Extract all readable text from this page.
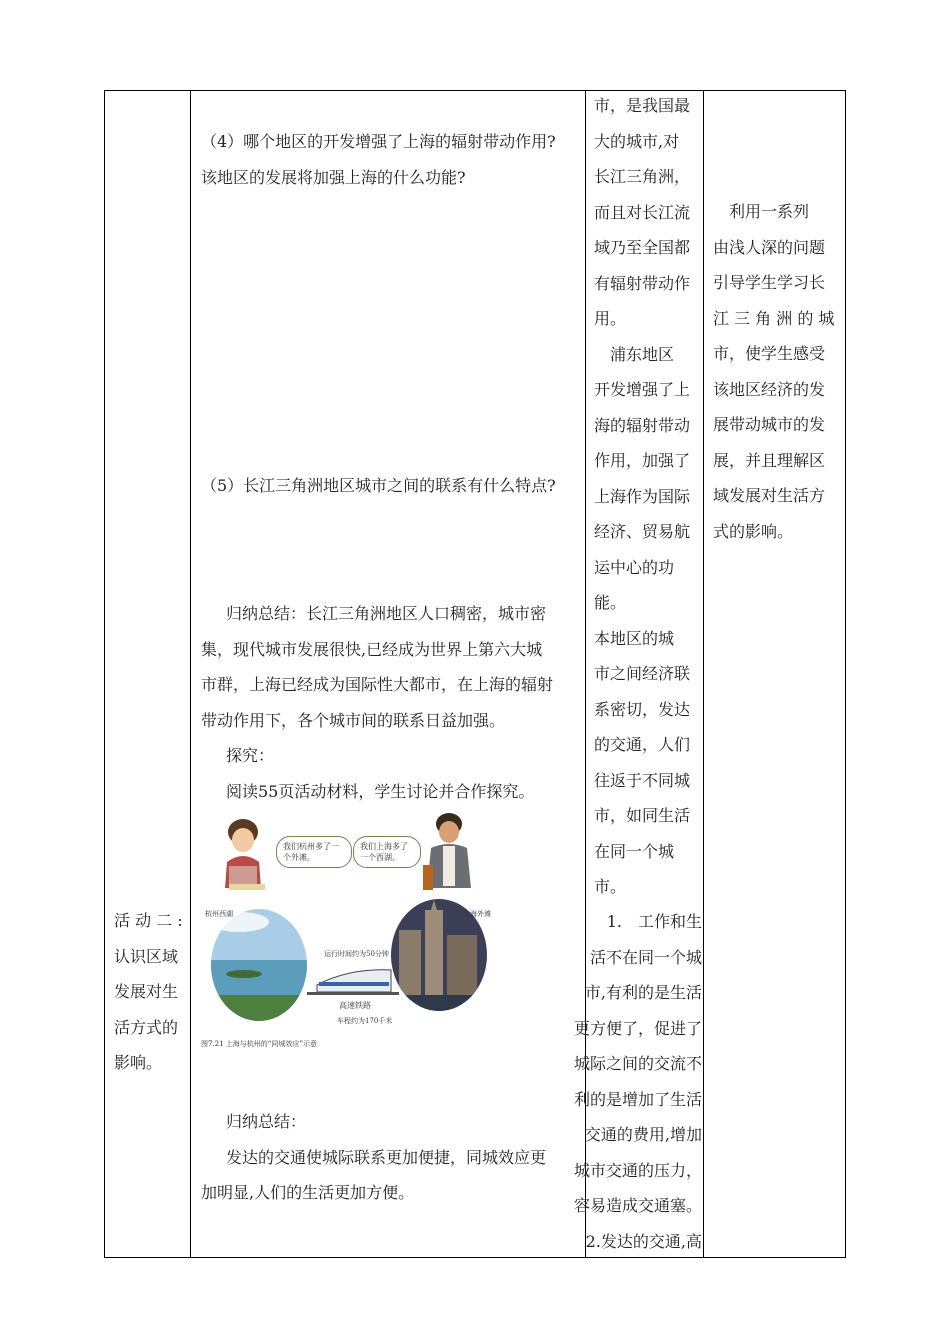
活 动 二 :

认识区域

发展对生

活方式的

影响。

（4）哪个地区的开发增强了上海的辐射带动作用?

该地区的发展将加强上海的什么功能?

（5）长江三角洲地区城市之间的联系有什么特点?

归纳总结：长江三角洲地区人口稠密，城市密

集，现代城市发展很快,已经成为世界上第六大城

市群，上海已经成为国际性大都市，在上海的辐射

带动作用下，各个城市间的联系日益加强。

探究：

阅读55页活动材料，学生讨论并合作探究。

我们杭州多了一个外滩。
我们上海多了一个西湖。
杭州西湖	上海外滩
运行时间约为50分钟
高速铁路
车程约为170千米
图7.21 上海与杭州的“同城效应”示意

归纳总结：

发达的交通使城际联系更加便捷，同城效应更

加明显,人们的生活更加方便。

市，是我国最

大的城市,对

长江三角洲，

而且对长江流

域乃至全国都

有辐射带动作

用。

　浦东地区

开发增强了上

海的辐射带动

作用，加强了

上海作为国际

经济、贸易航

运中心的功

能。

本地区的城

市之间经济联

系密切，发达

的交通，人们

往返于不同城

市，如同生活

在同一个城

市。

1.　工作和生

活不在同一个城

市,有利的是生活

更方便了，促进了

城际之间的交流不

利的是增加了生活

交通的费用,增加

城市交通的压力，

容易造成交通塞。

2.发达的交通,高

　利用一系列

由浅人深的问题

引导学生学习长

江 三 角 洲 的 城

市，使学生感受

该地区经济的发

展带动城市的发

展，并且理解区

域发展对生活方

式的影响。
